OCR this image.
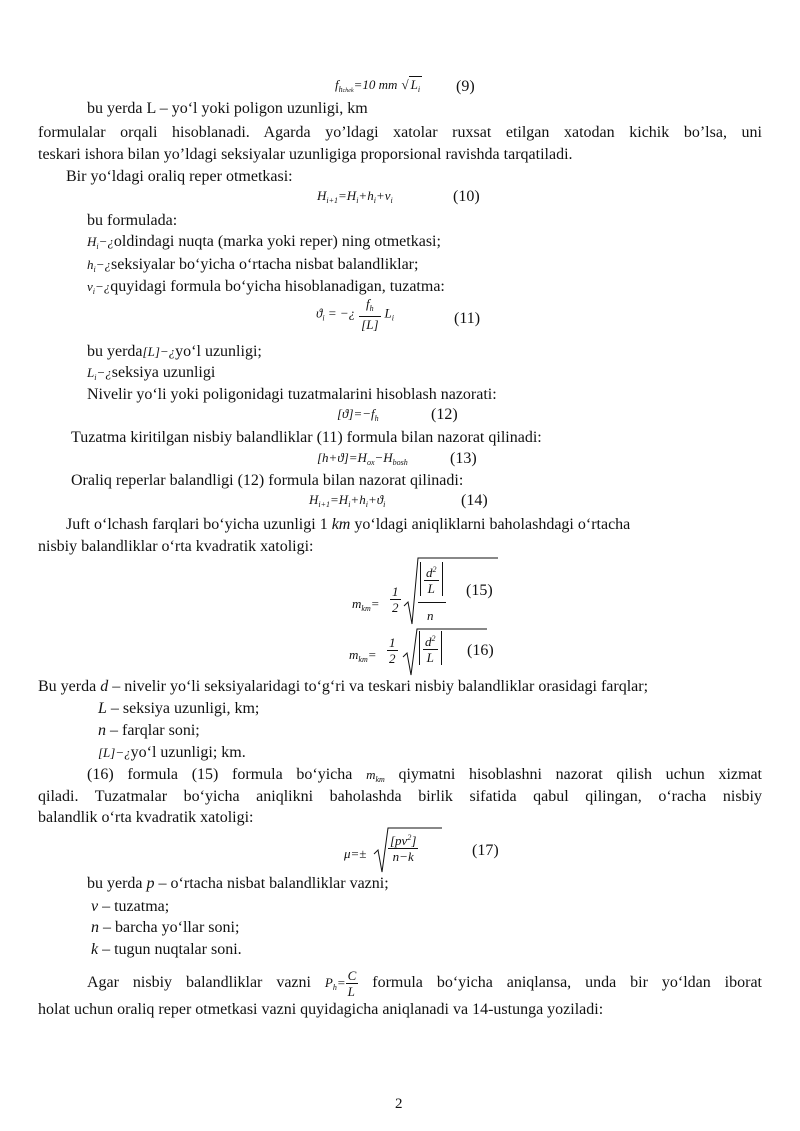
fhchek=10 mm √ $L_i$ (9)
bu yerda L – yo‘l yoki poligon uzunligi, km
formulalar orqali hisoblanadi. Agarda yo’ldagi xatolar ruxsat etilgan xatodan kichik bo’lsa, uni
teskari ishora bilan yo’ldagi seksiyalar uzunligiga proporsional ravishda tarqatiladi.
Bir yo‘ldagi oraliq reper otmetkasi:
Hi+1=Hi+hi+vi	(10)
bu formulada:
Hi−¿oldindagi nuqta (marka yoki reper) ning otmetkasi;
hi−¿seksiyalar bo‘yicha o‘rtacha nisbat balandliklar;
vi−¿quyidagi formula bo‘yicha hisoblanadigan, tuzatma:
ϑi = −¿ $\frac{f_h}{[L]}$ Li	(11)
bu yerda[L]−¿yo‘l uzunligi;
Li−¿seksiya uzunligi
Nivelir yo‘li yoki poligonidagi tuzatmalarini hisoblash nazorati:
[ϑ]=−fh	(12)
Tuzatma kiritilgan nisbiy balandliklar (11) formula bilan nazorat qilinadi:
[h+ϑ]=Hox−Hbosh	(13)
Oraliq reperlar balandligi (12) formula bilan nazorat qilinadi:
Hi+1=Hi+hi+ϑi	(14)
Juft o‘lchash farqlari bo‘yicha uzunligi 1 km yo‘ldagi aniqliklarni baholashdagi o‘rtacha
nisbiy balandliklar o‘rta kvadratik xatoligi:
$m_{km}= \frac{1}{2}$
$\frac{d^2}{L}$
n
(15)
$m_{km}= \frac{1}{2} \frac{d^2}{L} (16)$
Bu yerda d – nivelir yo‘li seksiyalaridagi to‘g‘ri va teskari nisbiy balandliklar orasidagi farqlar;
L – seksiya uzunligi, km;
n – farqlar soni;
[L]−¿yo‘l uzunligi; km.
(16) formula (15) formula bo‘yicha mkm qiymatni hisoblashni nazorat qilish uchun xizmat
qiladi. Tuzatmalar bo‘yicha aniqlikni baholashda birlik sifatida qabul qilingan, o‘racha nisbiy
balandlik o‘rta kvadratik xatoligi:
$\mu=\pm \frac{[pv^2]}{n-k}$	(17)
bu yerda p – o‘rtacha nisbat balandliklar vazni;
v – tuzatma;
n – barcha yo‘llar soni;
k – tugun nuqtalar soni.
Agar nisbiy balandliklar vazni $Ph= \frac{C}{L}$ formula bo‘yicha aniqlansa, unda bir yo‘ldan iborat
holat uchun oraliq reper otmetkasi vazni quyidagicha aniqlanadi va 14-ustunga yoziladi:
2
